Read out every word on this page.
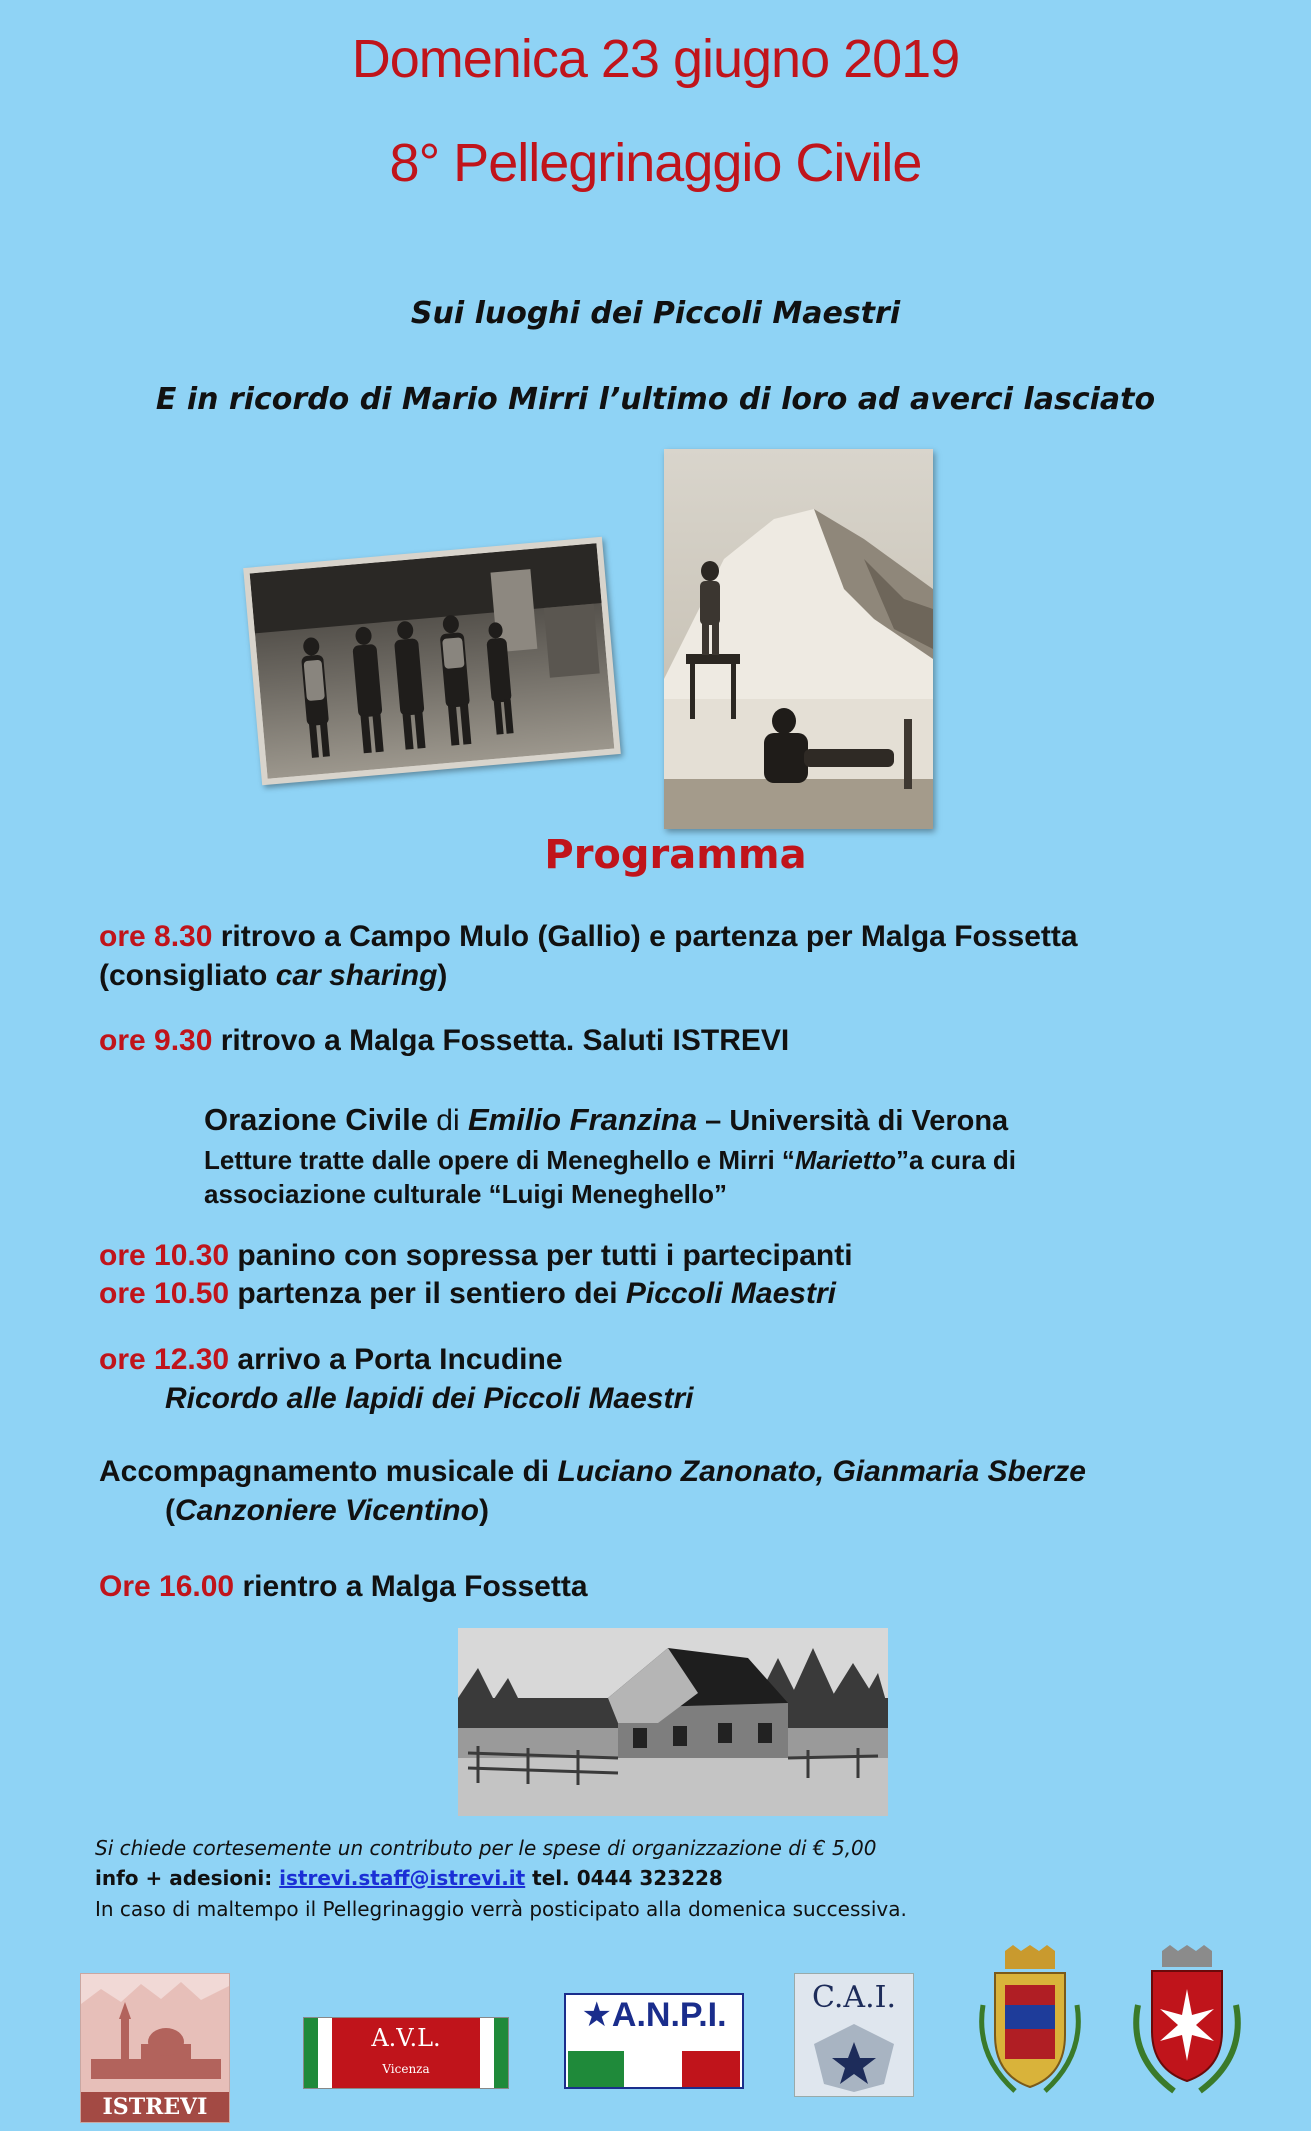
Domenica 23 giugno 2019
8° Pellegrinaggio Civile
Sui luoghi dei Piccoli Maestri
E in ricordo di Mario Mirri l’ultimo di loro ad averci lasciato
Programma
ore 8.30 ritrovo a Campo Mulo (Gallio) e partenza per Malga Fossetta
(consigliato car sharing)
ore 9.30 ritrovo a Malga Fossetta. Saluti ISTREVI
Orazione Civile di Emilio Franzina – Università di Verona
Letture tratte dalle opere di Meneghello e Mirri “Marietto”a cura di
associazione culturale “Luigi Meneghello”
ore 10.30 panino con sopressa per tutti i partecipanti
ore 10.50 partenza per il sentiero dei Piccoli Maestri
ore 12.30 arrivo a Porta Incudine
Ricordo alle lapidi dei Piccoli Maestri
Accompagnamento musicale di Luciano Zanonato, Gianmaria Sberze
(Canzoniere Vicentino)
Ore 16.00 rientro a Malga Fossetta
Si chiede cortesemente un contributo per le spese di organizzazione di € 5,00
info + adesioni: istrevi.staff@istrevi.it tel. 0444 323228
In caso di maltempo il Pellegrinaggio verrà posticipato alla domenica successiva.
ISTREVI
A.V.L.
Vicenza
★A.N.P.I.	C.A.I.
